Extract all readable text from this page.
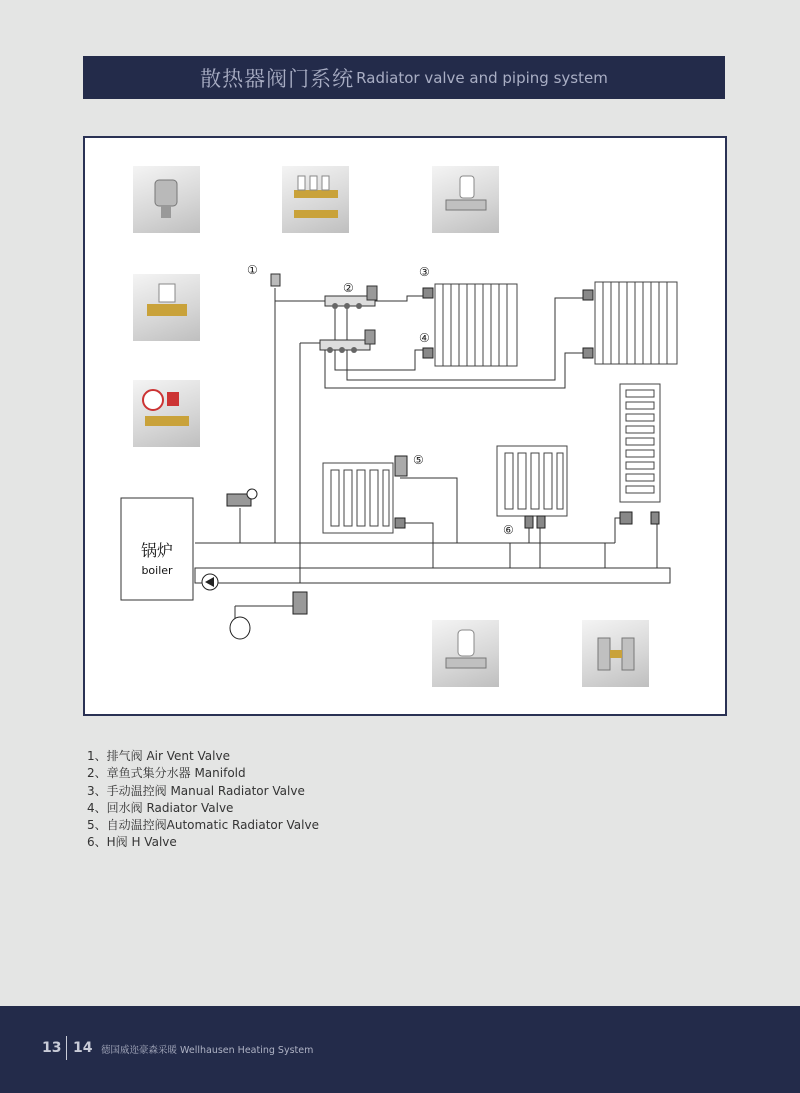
散热器阀门系统 Radiator valve and piping system
锅炉
boiler
①
②
③
④
⑤
⑥
1、排气阀 Air Vent Valve
2、章鱼式集分水器 Manifold
3、手动温控阀 Manual Radiator Valve
4、回水阀 Radiator Valve
5、自动温控阀Automatic Radiator Valve
6、H阀 H Valve
13 14 德国威迩豪森采暖 Wellhausen Heating System
